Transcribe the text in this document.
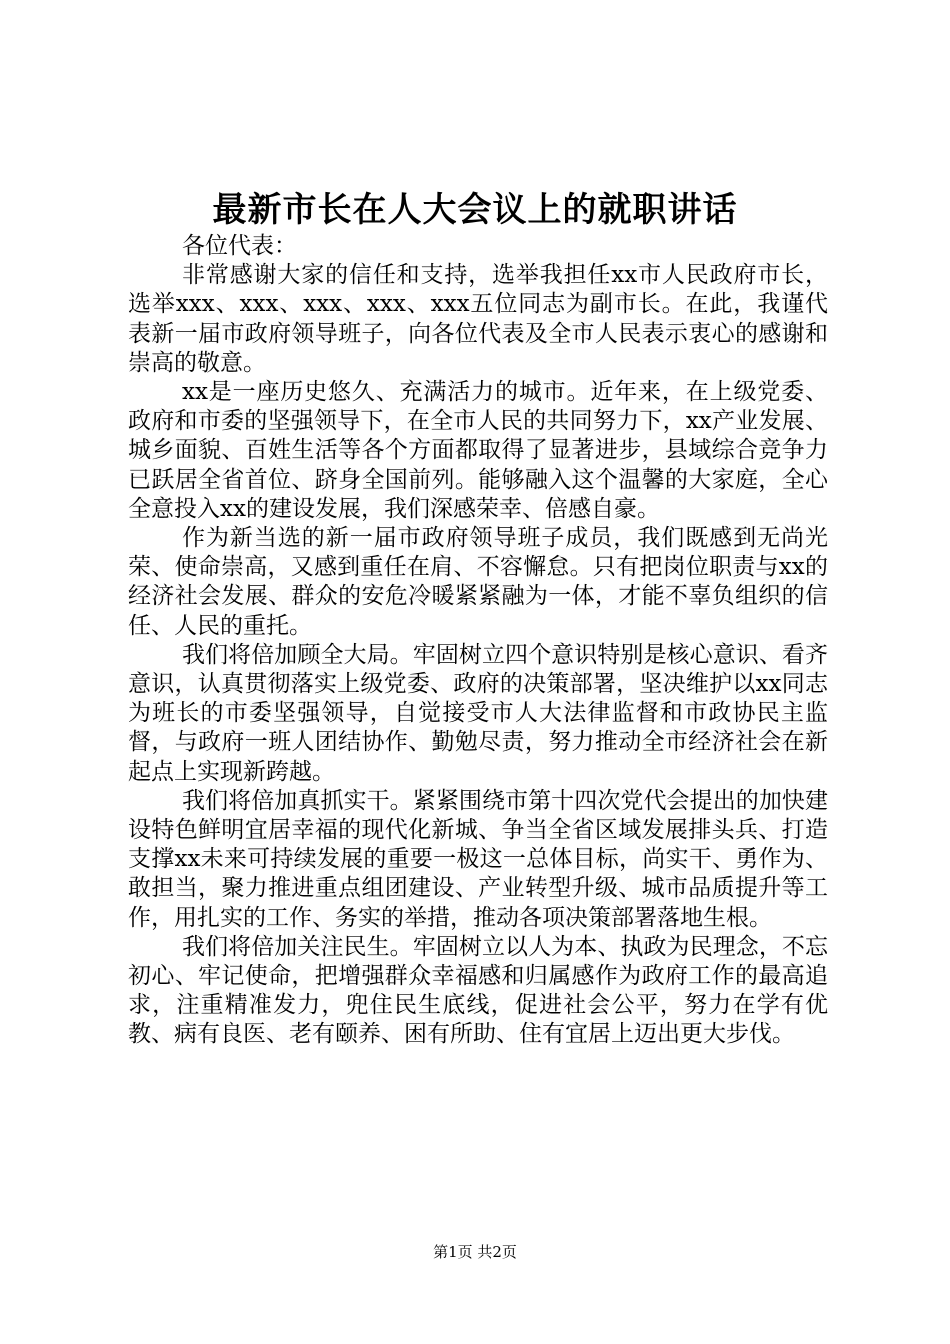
最新市长在人大会议上的就职讲话

各位代表：

非常感谢大家的信任和支持，选举我担任xx市人民政府市长，选举xxx、xxx、xxx、xxx、xxx五位同志为副市长。在此，我谨代表新一届市政府领导班子，向各位代表及全市人民表示衷心的感谢和崇高的敬意。

xx是一座历史悠久、充满活力的城市。近年来，在上级党委、政府和市委的坚强领导下，在全市人民的共同努力下，xx产业发展、城乡面貌、百姓生活等各个方面都取得了显著进步，县域综合竞争力已跃居全省首位、跻身全国前列。能够融入这个温馨的大家庭，全心全意投入xx的建设发展，我们深感荣幸、倍感自豪。

作为新当选的新一届市政府领导班子成员，我们既感到无尚光荣、使命崇高，又感到重任在肩、不容懈怠。只有把岗位职责与xx的经济社会发展、群众的安危冷暖紧紧融为一体，才能不辜负组织的信任、人民的重托。

我们将倍加顾全大局。牢固树立四个意识特别是核心意识、看齐意识，认真贯彻落实上级党委、政府的决策部署，坚决维护以xx同志为班长的市委坚强领导，自觉接受市人大法律监督和市政协民主监督，与政府一班人团结协作、勤勉尽责，努力推动全市经济社会在新起点上实现新跨越。

我们将倍加真抓实干。紧紧围绕市第十四次党代会提出的加快建设特色鲜明宜居幸福的现代化新城、争当全省区域发展排头兵、打造支撑xx未来可持续发展的重要一极这一总体目标，尚实干、勇作为、敢担当，聚力推进重点组团建设、产业转型升级、城市品质提升等工作，用扎实的工作、务实的举措，推动各项决策部署落地生根。

我们将倍加关注民生。牢固树立以人为本、执政为民理念，不忘初心、牢记使命，把增强群众幸福感和归属感作为政府工作的最高追求，注重精准发力，兜住民生底线，促进社会公平，努力在学有优教、病有良医、老有颐养、困有所助、住有宜居上迈出更大步伐。

第1页 共2页
